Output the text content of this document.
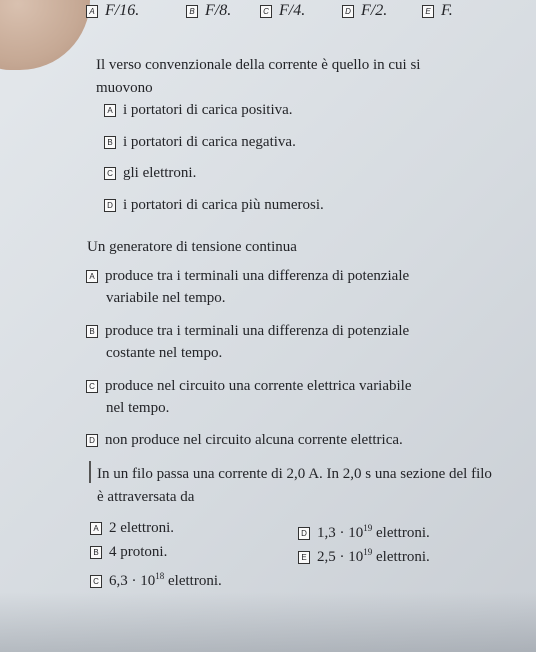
A F/16.	B F/8.	C F/4.	D F/2.	E F.
Il verso convenzionale della corrente è quello in cui si
muovono
A i portatori di carica positiva.
B i portatori di carica negativa.
C gli elettroni.
D i portatori di carica più numerosi.
Un generatore di tensione continua
A produce tra i terminali una differenza di potenziale
variabile nel tempo.
B produce tra i terminali una differenza di potenziale
costante nel tempo.
C produce nel circuito una corrente elettrica variabile
nel tempo.
D non produce nel circuito alcuna corrente elettrica.
In un filo passa una corrente di 2,0 A. In 2,0 s una sezione del filo
è attraversata da
A 2 elettroni.
B 4 protoni.
C $6,3 \cdot 10^{18}$ elettroni.
D $1,3 \cdot 10^{19}$ elettroni.
E $2,5 \cdot 10^{19}$ elettroni.
